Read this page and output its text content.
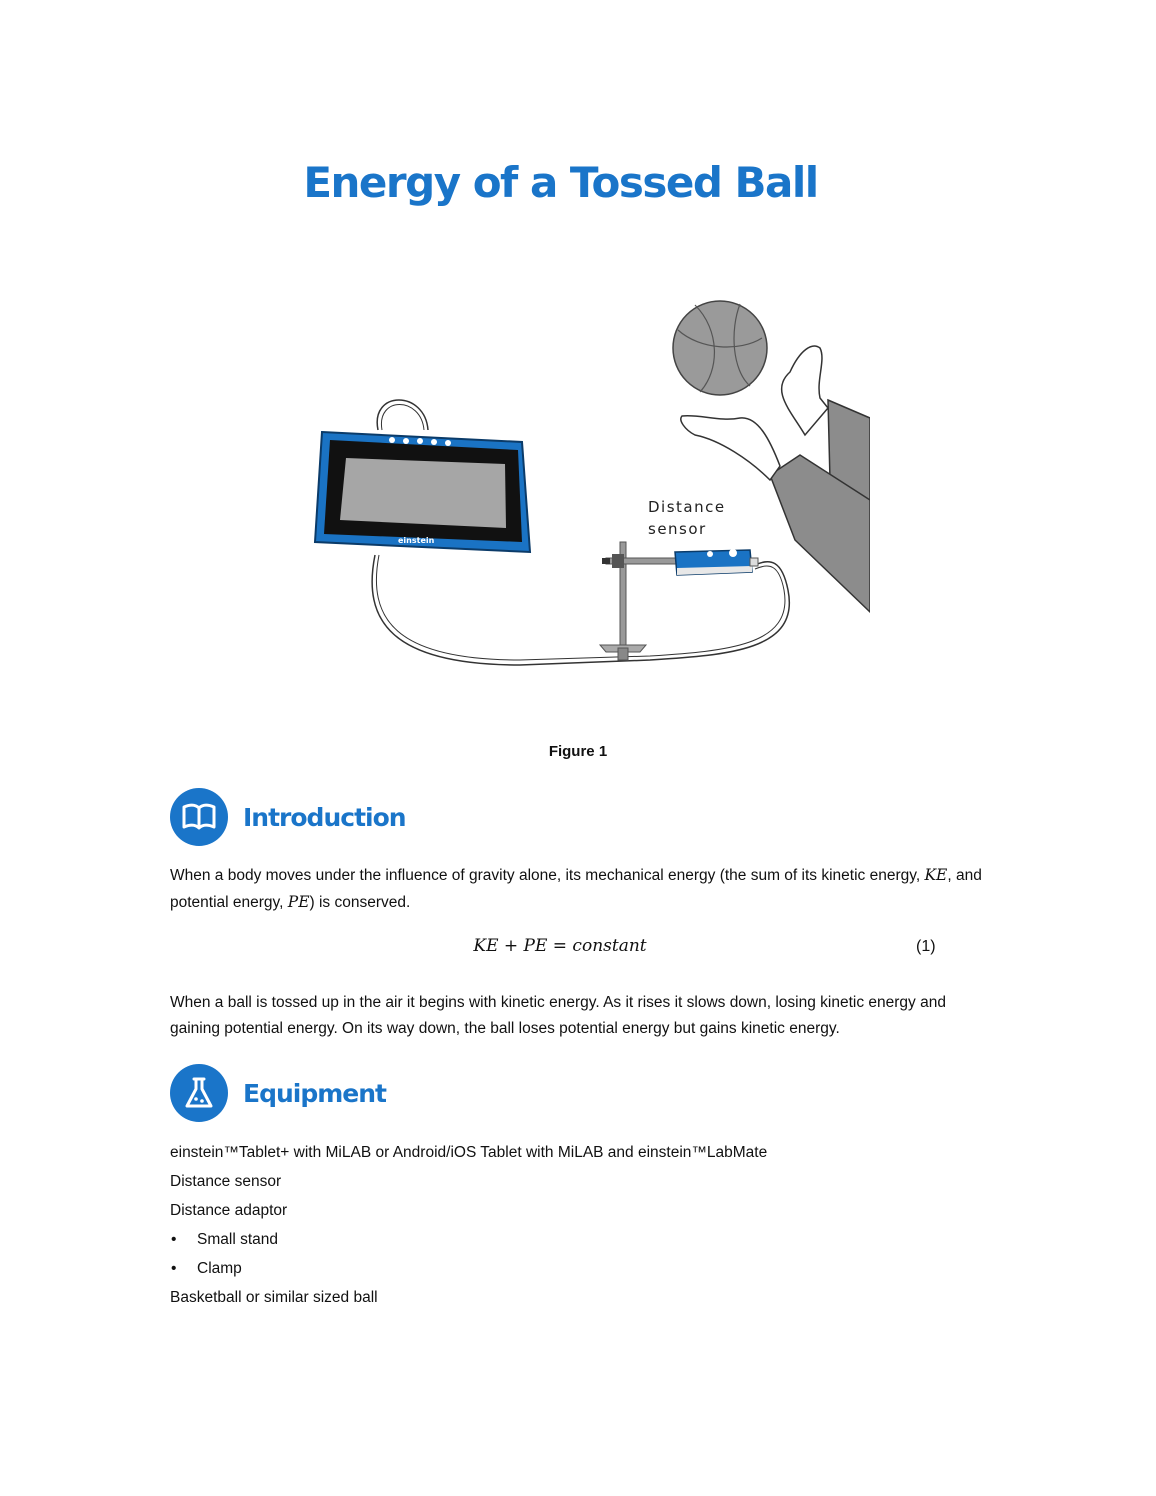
Energy of a Tossed Ball
einstein
Distance
sensor
Figure 1
Introduction

When a body moves under the influence of gravity alone, its mechanical energy (the sum of its kinetic energy, KE, and potential energy, PE) is conserved.

KE + PE = constant	(1)

When a ball is tossed up in the air it begins with kinetic energy. As it rises it slows down, losing kinetic energy and gaining potential energy. On its way down, the ball loses potential energy but gains kinetic energy.

Equipment
einstein™Tablet+ with MiLAB or Android/iOS Tablet with MiLAB and einstein™LabMate
Distance sensor
Distance adaptor
• Small stand
• Clamp
Basketball or similar sized ball
